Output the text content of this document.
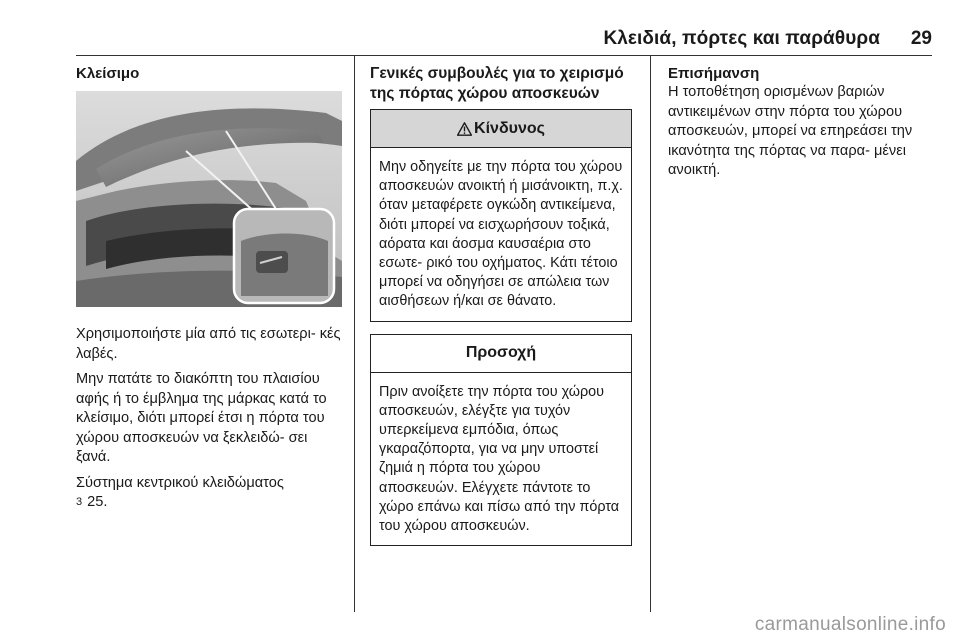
Κλειδιά, πόρτες και παράθυρα	29
Κλείσιμο

Χρησιμοποιήστε μία από τις εσωτερι- κές λαβές.

Μην πατάτε το διακόπτη του πλαισίου αφής ή το έμβλημα της μάρκας κατά το κλείσιμο, διότι μπορεί έτσι η πόρτα του χώρου αποσκευών να ξεκλειδώ- σει ξανά.

Σύστημα κεντρικού κλειδώματος
3 25.

Γενικές συμβουλές για το χειρισμό της πόρτας χώρου αποσκευών
Κίνδυνος
Μην οδηγείτε με την πόρτα του χώρου αποσκευών ανοικτή ή μισάνοικτη, π.χ. όταν μεταφέρετε ογκώδη αντικείμενα, διότι μπορεί να εισχωρήσουν τοξικά, αόρατα και άοσμα καυσαέρια στο εσωτε- ρικό του οχήματος. Κάτι τέτοιο μπορεί να οδηγήσει σε απώλεια των αισθήσεων ή/και σε θάνατο.
Προσοχή
Πριν ανοίξετε την πόρτα του χώρου αποσκευών, ελέγξτε για τυχόν υπερκείμενα εμπόδια, όπως γκαραζόπορτα, για να μην υποστεί ζημιά η πόρτα του χώρου αποσκευών. Ελέγχετε πάντοτε το χώρο επάνω και πίσω από την πόρτα του χώρου αποσκευών.
Επισήμανση

Η τοποθέτηση ορισμένων βαριών αντικειμένων στην πόρτα του χώρου αποσκευών, μπορεί να επηρεάσει την ικανότητα της πόρτας να παρα- μένει ανοικτή.

carmanualsonline.info
